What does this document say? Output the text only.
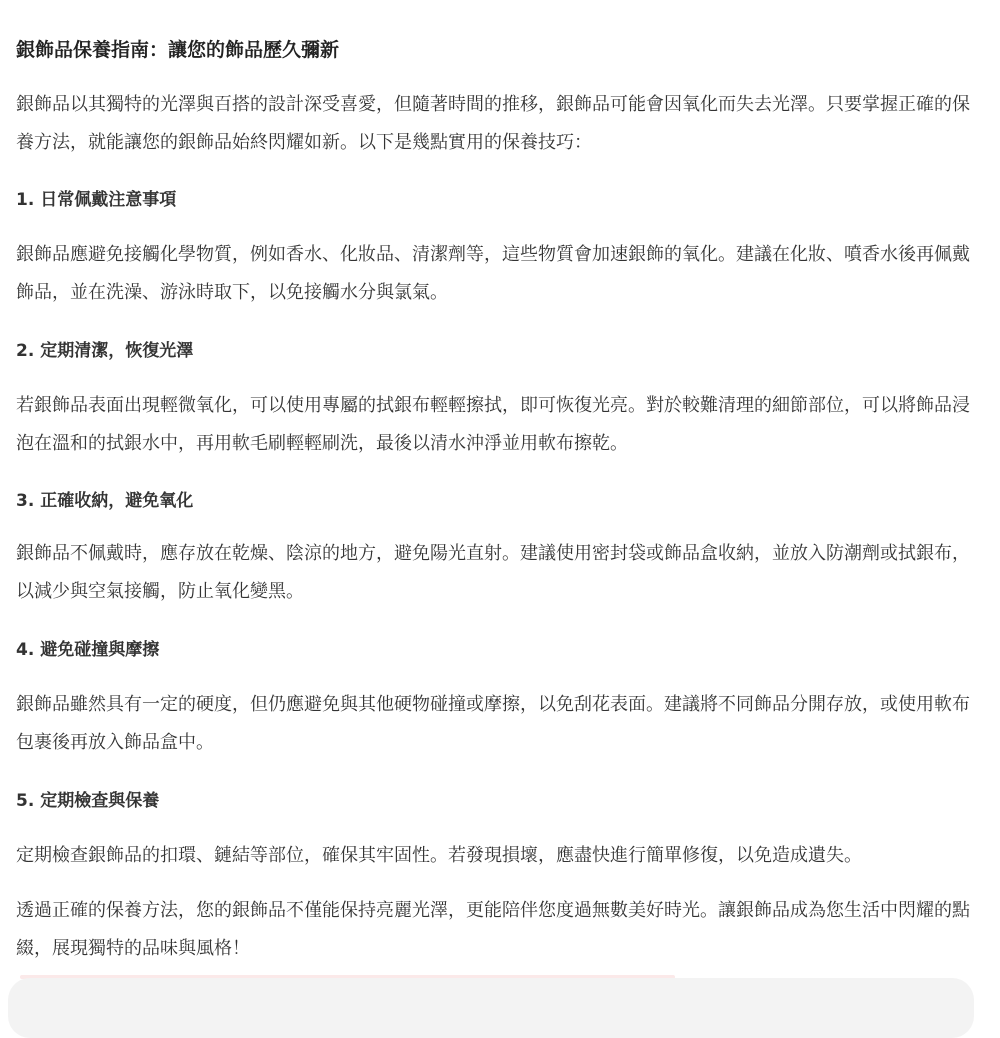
銀飾品保養指南：讓您的飾品歷久彌新

銀飾品以其獨特的光澤與百搭的設計深受喜愛，但隨著時間的推移，銀飾品可能會因氧化而失去光澤。只要掌握正確的保養方法，就能讓您的銀飾品始終閃耀如新。以下是幾點實用的保養技巧：

1. 日常佩戴注意事項

銀飾品應避免接觸化學物質，例如香水、化妝品、清潔劑等，這些物質會加速銀飾的氧化。建議在化妝、噴香水後再佩戴飾品，並在洗澡、游泳時取下，以免接觸水分與氯氣。

2. 定期清潔，恢復光澤

若銀飾品表面出現輕微氧化，可以使用專屬的拭銀布輕輕擦拭，即可恢復光亮。對於較難清理的細節部位，可以將飾品浸泡在溫和的拭銀水中，再用軟毛刷輕輕刷洗，最後以清水沖淨並用軟布擦乾。

3. 正確收納，避免氧化

銀飾品不佩戴時，應存放在乾燥、陰涼的地方，避免陽光直射。建議使用密封袋或飾品盒收納，並放入防潮劑或拭銀布，以減少與空氣接觸，防止氧化變黑。

4. 避免碰撞與摩擦

銀飾品雖然具有一定的硬度，但仍應避免與其他硬物碰撞或摩擦，以免刮花表面。建議將不同飾品分開存放，或使用軟布包裹後再放入飾品盒中。

5. 定期檢查與保養

定期檢查銀飾品的扣環、鏈結等部位，確保其牢固性。若發現損壞，應盡快進行簡單修復，以免造成遺失。

透過正確的保養方法，您的銀飾品不僅能保持亮麗光澤，更能陪伴您度過無數美好時光。讓銀飾品成為您生活中閃耀的點綴，展現獨特的品味與風格！
